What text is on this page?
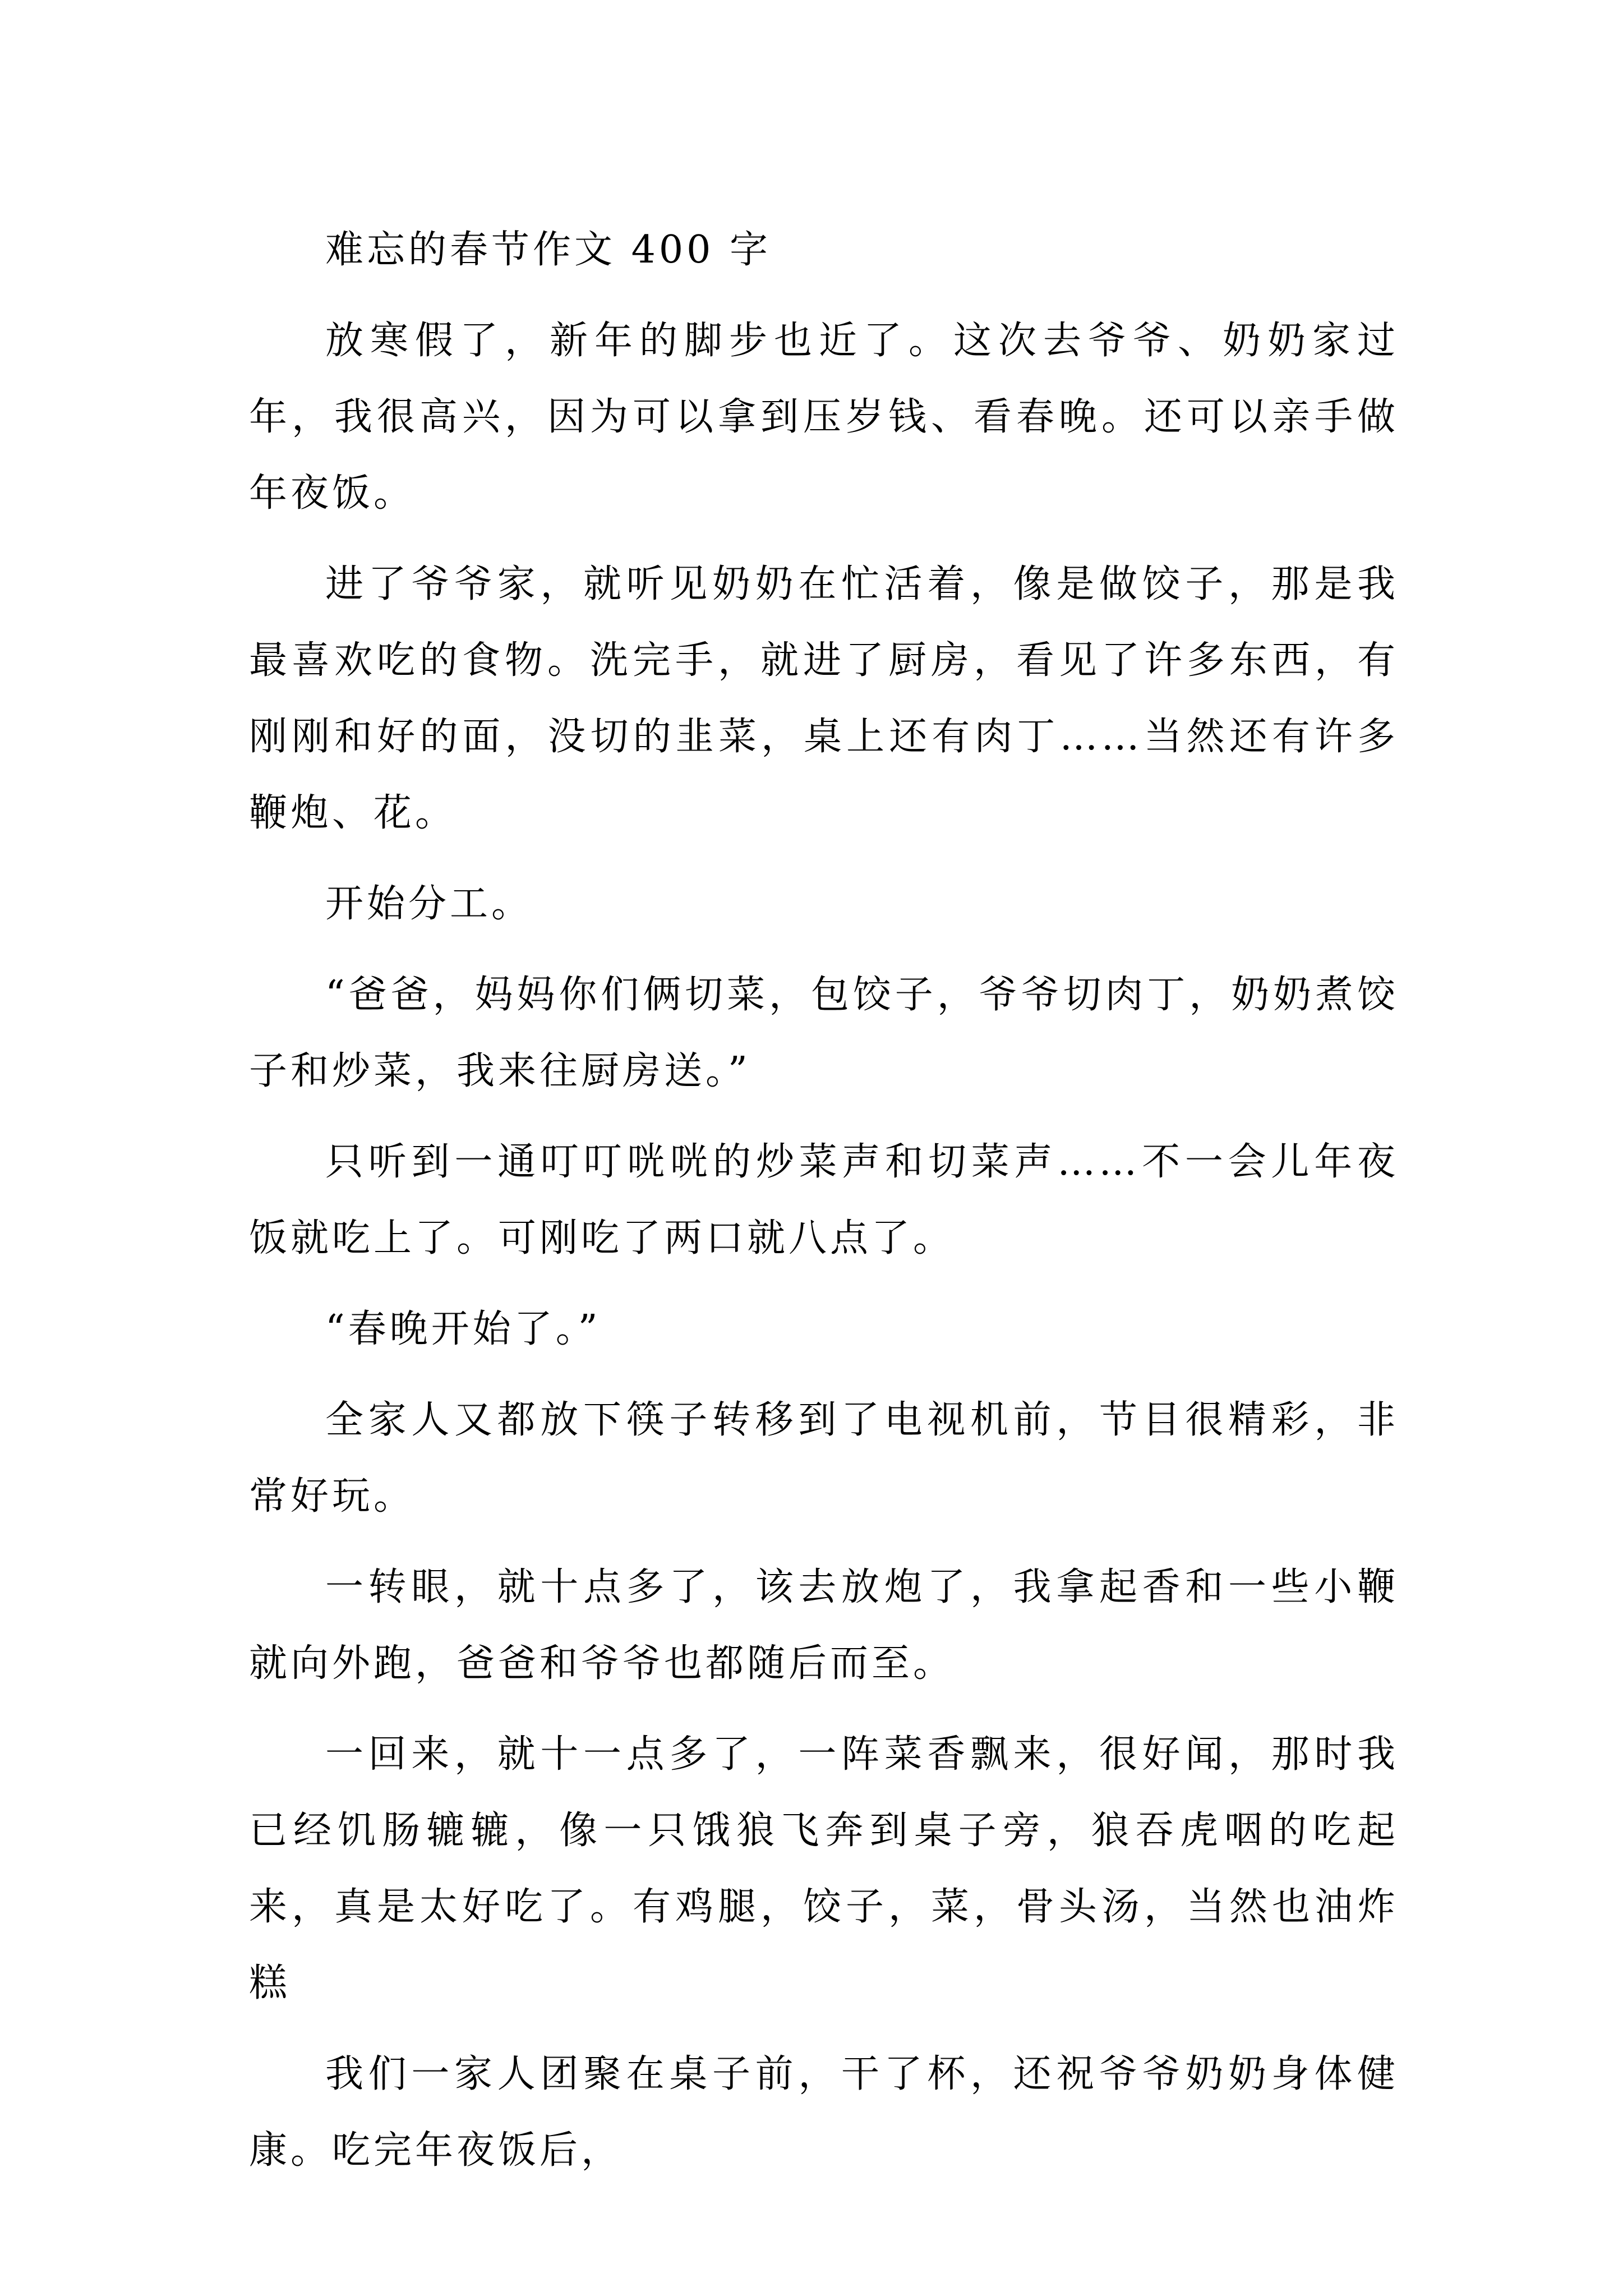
难忘的春节作文 400 字

放寒假了，新年的脚步也近了。这次去爷爷、奶奶家过年，我很高兴，因为可以拿到压岁钱、看春晚。还可以亲手做年夜饭。

进了爷爷家，就听见奶奶在忙活着，像是做饺子，那是我最喜欢吃的食物。洗完手，就进了厨房，看见了许多东西，有刚刚和好的面，没切的韭菜，桌上还有肉丁……当然还有许多鞭炮、花。

开始分工。

“爸爸，妈妈你们俩切菜，包饺子，爷爷切肉丁，奶奶煮饺子和炒菜，我来往厨房送。”

只听到一通叮叮咣咣的炒菜声和切菜声……不一会儿年夜饭就吃上了。可刚吃了两口就八点了。

“春晚开始了。”

全家人又都放下筷子转移到了电视机前，节目很精彩，非常好玩。

一转眼，就十点多了，该去放炮了，我拿起香和一些小鞭就向外跑，爸爸和爷爷也都随后而至。

一回来，就十一点多了，一阵菜香飘来，很好闻，那时我已经饥肠辘辘，像一只饿狼飞奔到桌子旁，狼吞虎咽的吃起来，真是太好吃了。有鸡腿，饺子，菜，骨头汤，当然也油炸糕

我们一家人团聚在桌子前，干了杯，还祝爷爷奶奶身体健康。吃完年夜饭后，
